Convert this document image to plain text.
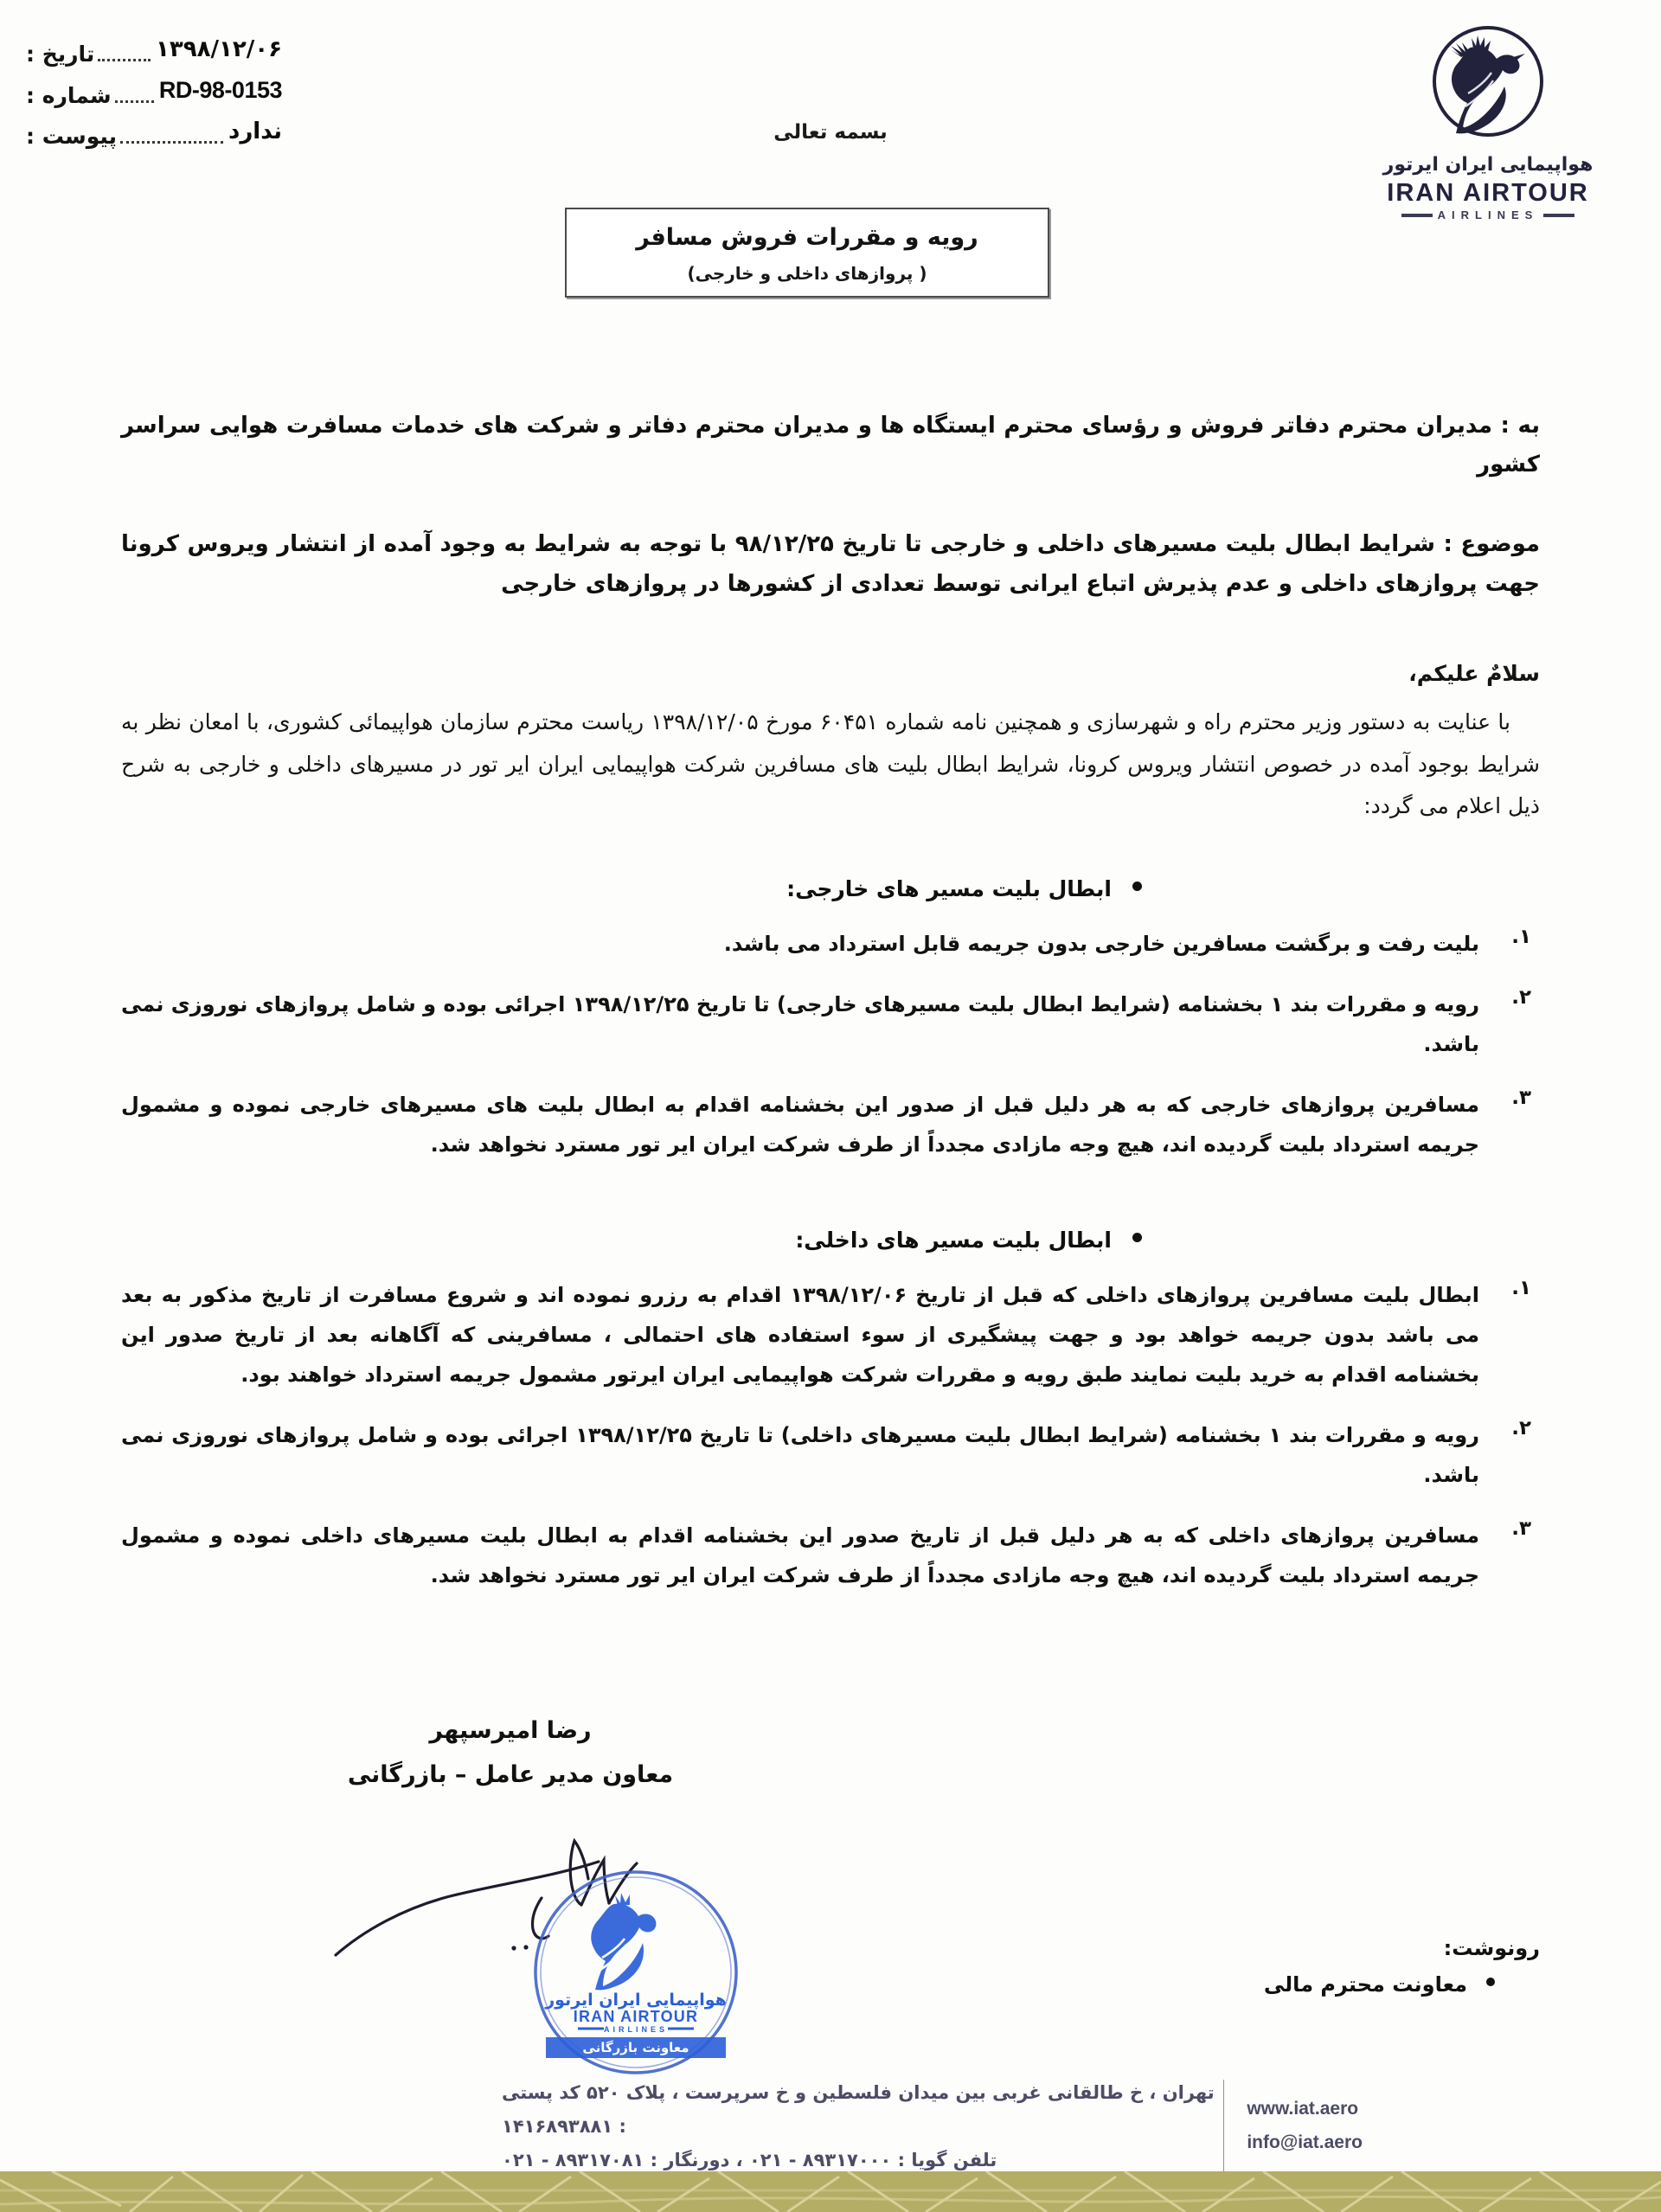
تاریخ :	۱۳۹۸/۱۲/۰۶
شماره : RD-98-0153
پیوست :	ندارد	بسمه تعالی
هواپیمایی ایران ایرتور
IRAN AIRTOUR
AIRLINES
رویه و مقررات فروش مسافر
( پروازهای داخلی و خارجی)
به : مدیران محترم دفاتر فروش و رؤسای محترم ایستگاه ها و مدیران محترم دفاتر و شرکت های خدمات مسافرت هوایی سراسر کشور
موضوع : شرایط ابطال بلیت مسیرهای داخلی و خارجی تا تاریخ ۹۸/۱۲/۲۵ با توجه به شرایط به وجود آمده از انتشار ویروس کرونا جهت پروازهای داخلی و عدم پذیرش اتباع ایرانی توسط تعدادی از کشورها در پروازهای خارجی
سلامٌ علیکم،
با عنایت به دستور وزیر محترم راه و شهرسازی و همچنین نامه شماره ۶۰۴۵۱ مورخ ۱۳۹۸/۱۲/۰۵ ریاست محترم سازمان هواپیمائی کشوری، با امعان نظر به شرایط بوجود آمده در خصوص انتشار ویروس کرونا، شرایط ابطال بلیت های مسافرین شرکت هواپیمایی ایران ایر تور در مسیرهای داخلی و خارجی به شرح ذیل اعلام می گردد:
ابطال بلیت مسیر های خارجی:
۱.
بلیت رفت و برگشت مسافرین خارجی بدون جریمه قابل استرداد می باشد.
۲.
رویه و مقررات بند ۱ بخشنامه (شرایط ابطال بلیت مسیرهای خارجی) تا تاریخ ۱۳۹۸/۱۲/۲۵ اجرائی بوده و شامل پروازهای نوروزی نمی باشد.
۳.
مسافرین پروازهای خارجی که به هر دلیل قبل از صدور این بخشنامه اقدام به ابطال بلیت های مسیرهای خارجی نموده و مشمول جریمه استرداد بلیت گردیده اند، هیچ وجه مازادی مجدداً از طرف شرکت ایران ایر تور مسترد نخواهد شد.
ابطال بلیت مسیر های داخلی:
۱.
ابطال بلیت مسافرین پروازهای داخلی که قبل از تاریخ ۱۳۹۸/۱۲/۰۶ اقدام به رزرو نموده اند و شروع مسافرت از تاریخ مذکور به بعد می باشد بدون جریمه خواهد بود و جهت پیشگیری از سوء استفاده های احتمالی ، مسافرینی که آگاهانه بعد از تاریخ صدور این بخشنامه اقدام به خرید بلیت نمایند طبق رویه و مقررات شرکت هواپیمایی ایران ایرتور مشمول جریمه استرداد خواهند بود.
۲.
رویه و مقررات بند ۱ بخشنامه (شرایط ابطال بلیت مسیرهای داخلی) تا تاریخ ۱۳۹۸/۱۲/۲۵ اجرائی بوده و شامل پروازهای نوروزی نمی باشد.
۳.
مسافرین پروازهای داخلی که به هر دلیل قبل از تاریخ صدور این بخشنامه اقدام به ابطال بلیت مسیرهای داخلی نموده و مشمول جریمه استرداد بلیت گردیده اند، هیچ وجه مازادی مجدداً از طرف شرکت ایران ایر تور مسترد نخواهد شد.
رضا امیرسپهر
معاون مدیر عامل – بازرگانی
هواپیمایی ایران ایرتور
IRAN AIRTOUR
AIRLINES
معاونت بازرگانی
رونوشت:
معاونت محترم مالی
www.iat.aero
info@iat.aero
تهران ، خ طالقانی غربی بین میدان فلسطین و خ سرپرست ، پلاک ۵۲۰ کد پستی : ۱۴۱۶۸۹۳۸۸۱
تلفن گویا : ۸۹۳۱۷۰۰۰ - ۰۲۱ ، دورنگار : ۸۹۳۱۷۰۸۱ - ۰۲۱
